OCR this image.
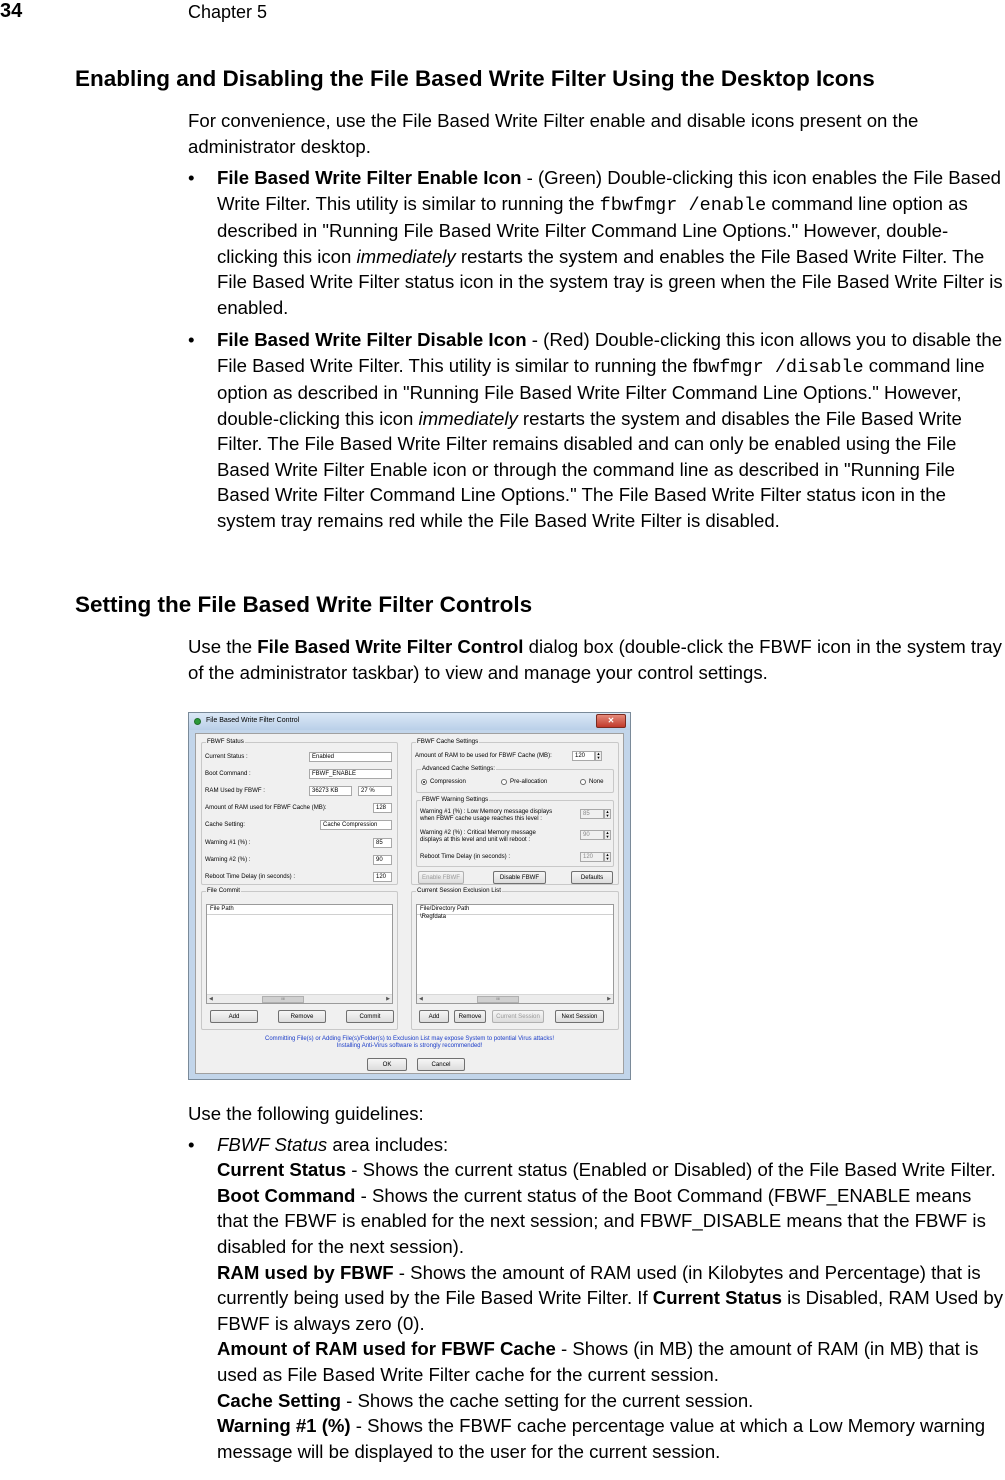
34	Chapter 5
Enabling and Disabling the File Based Write Filter Using the Desktop Icons

For convenience, use the File Based Write Filter enable and disable icons present on the administrator desktop.

• File Based Write Filter Enable Icon - (Green) Double-clicking this icon enables the File Based Write Filter. This utility is similar to running the fbwfmgr /enable command line option as described in "Running File Based Write Filter Command Line Options." However, double-clicking this icon immediately restarts the system and enables the File Based Write Filter. The File Based Write Filter status icon in the system tray is green when the File Based Write Filter is enabled.
• File Based Write Filter Disable Icon - (Red) Double-clicking this icon allows you to disable the File Based Write Filter. This utility is similar to running the fbwfmgr /disable command line option as described in "Running File Based Write Filter Command Line Options." However, double-clicking this icon immediately restarts the system and disables the File Based Write Filter. The File Based Write Filter remains disabled and can only be enabled using the File Based Write Filter Enable icon or through the command line as described in "Running File Based Write Filter Command Line Options." The File Based Write Filter status icon in the system tray remains red while the File Based Write Filter is disabled.
Setting the File Based Write Filter Controls

Use the File Based Write Filter Control dialog box (double-click the FBWF icon in the system tray of the administrator taskbar) to view and manage your control settings.

File Based Write Filter Control	✕
FBWF Status
Current Status :	Enabled
Boot Command :	FBWF_ENABLE
RAM Used by FBWF :	36273 KB	27 %
Amount of RAM used for FBWF Cache (MB):	128
Cache Setting:	Cache Compression
Warning #1 (%) :	85
Warning #2 (%) :	90
Reboot Time Delay (in seconds) :	120
FBWF Cache Settings
Amount of RAM to be used for FBWF Cache (MB):	120	▲
▼
Advanced Cache Settings:
Compression	Pre-allocation	None
FBWF Warning Settings
Warning #1 (%) : Low Memory message displays
when FBWF cache usage reaches this level :
85	▲
▼
Warning #2 (%) : Critical Memory message
displays at this level and unit will reboot :
90	▲
▼
Reboot Time Delay (in seconds) :	120	▲
▼
Enable FBWF	Disable FBWF	Defaults
File Commit
File Path
◀	III	▶
Add	Remove	Commit
Current Session Exclusion List
File/Directory Path
\Regfdata
◀	III	▶
Add	Remove	Current Session	Next Session
Committing File(s) or Adding File(s)/Folder(s) to Exclusion List may expose System to potential Virus attacks!
Installing Anti-Virus software is strongly recommended!
OK	Cancel

Use the following guidelines:

• FBWF Status area includes:
Current Status - Shows the current status (Enabled or Disabled) of the File Based Write Filter.
Boot Command - Shows the current status of the Boot Command (FBWF_ENABLE means that the FBWF is enabled for the next session; and FBWF_DISABLE means that the FBWF is disabled for the next session).
RAM used by FBWF - Shows the amount of RAM used (in Kilobytes and Percentage) that is currently being used by the File Based Write Filter. If Current Status is Disabled, RAM Used by FBWF is always zero (0).
Amount of RAM used for FBWF Cache - Shows (in MB) the amount of RAM (in MB) that is used as File Based Write Filter cache for the current session.
Cache Setting - Shows the cache setting for the current session.
Warning #1 (%) - Shows the FBWF cache percentage value at which a Low Memory warning message will be displayed to the user for the current session.
